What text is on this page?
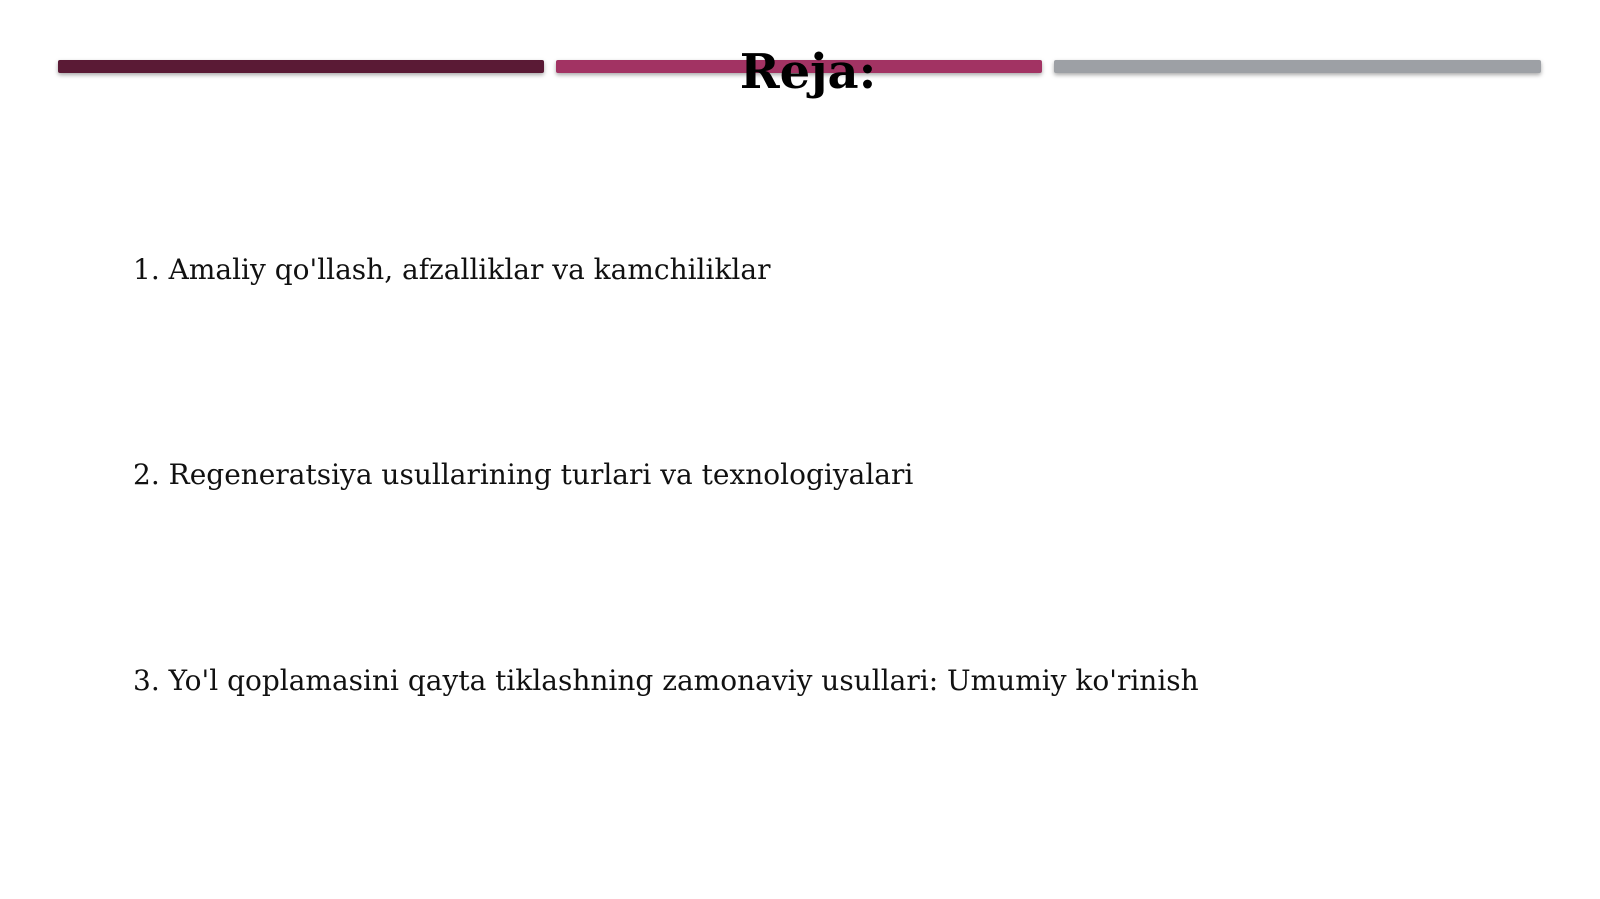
Reja:

1. Amaliy qo'llash, afzalliklar va kamchiliklar

2. Regeneratsiya usullarining turlari va texnologiyalari

3. Yo'l qoplamasini qayta tiklashning zamonaviy usullari: Umumiy ko'rinish
